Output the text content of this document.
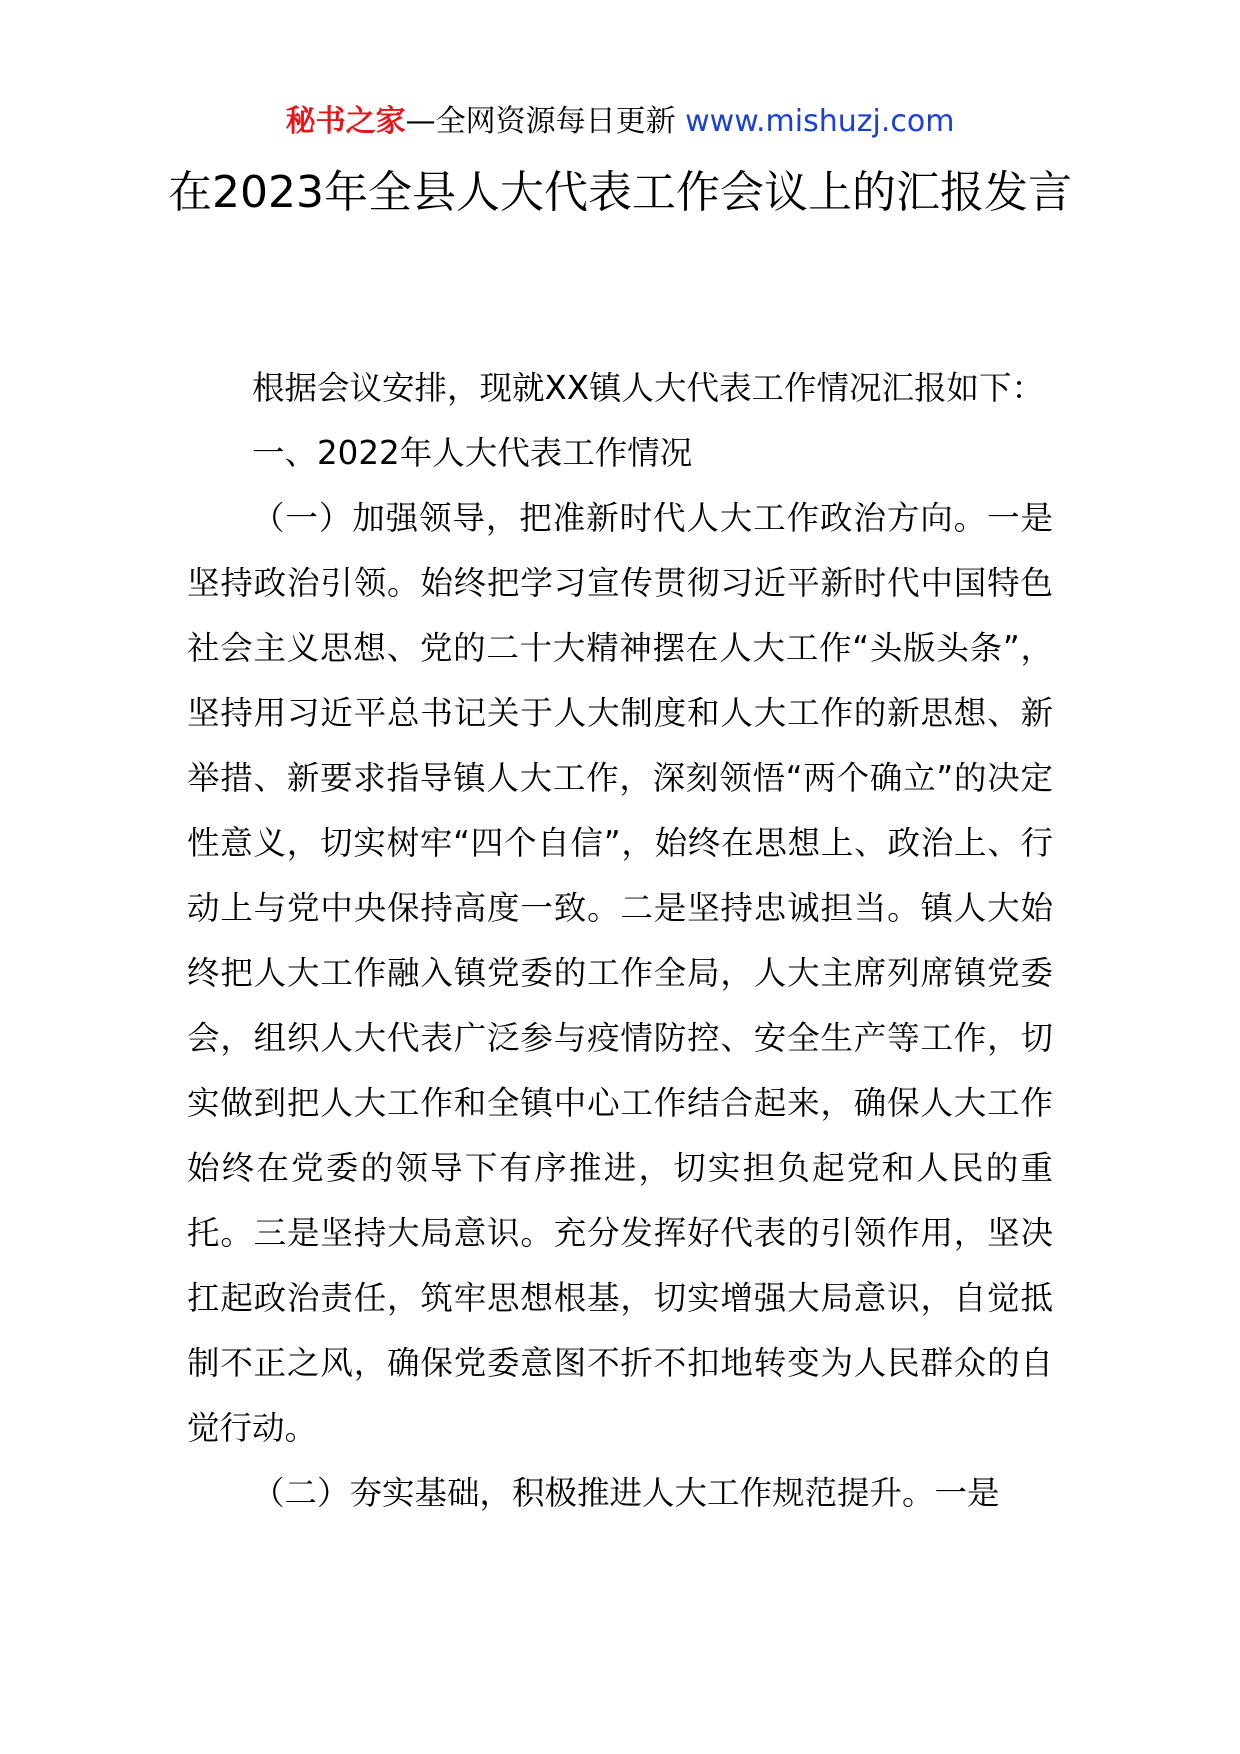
秘书之家—全网资源每日更新 www.mishuzj.com
在2023年全县人大代表工作会议上的汇报发言

根据会议安排，现就XX镇人大代表工作情况汇报如下：

一、2022年人大代表工作情况

（一）加强领导，把准新时代人大工作政治方向。一是坚持政治引领。始终把学习宣传贯彻习近平新时代中国特色社会主义思想、党的二十大精神摆在人大工作“头版头条”，坚持用习近平总书记关于人大制度和人大工作的新思想、新举措、新要求指导镇人大工作，深刻领悟“两个确立”的决定性意义，切实树牢“四个自信”，始终在思想上、政治上、行动上与党中央保持高度一致。二是坚持忠诚担当。镇人大始终把人大工作融入镇党委的工作全局，人大主席列席镇党委会，组织人大代表广泛参与疫情防控、安全生产等工作，切实做到把人大工作和全镇中心工作结合起来，确保人大工作始终在党委的领导下有序推进，切实担负起党和人民的重托。三是坚持大局意识。充分发挥好代表的引领作用，坚决扛起政治责任，筑牢思想根基，切实增强大局意识，自觉抵制不正之风，确保党委意图不折不扣地转变为人民群众的自觉行动。

（二）夯实基础，积极推进人大工作规范提升。一是
